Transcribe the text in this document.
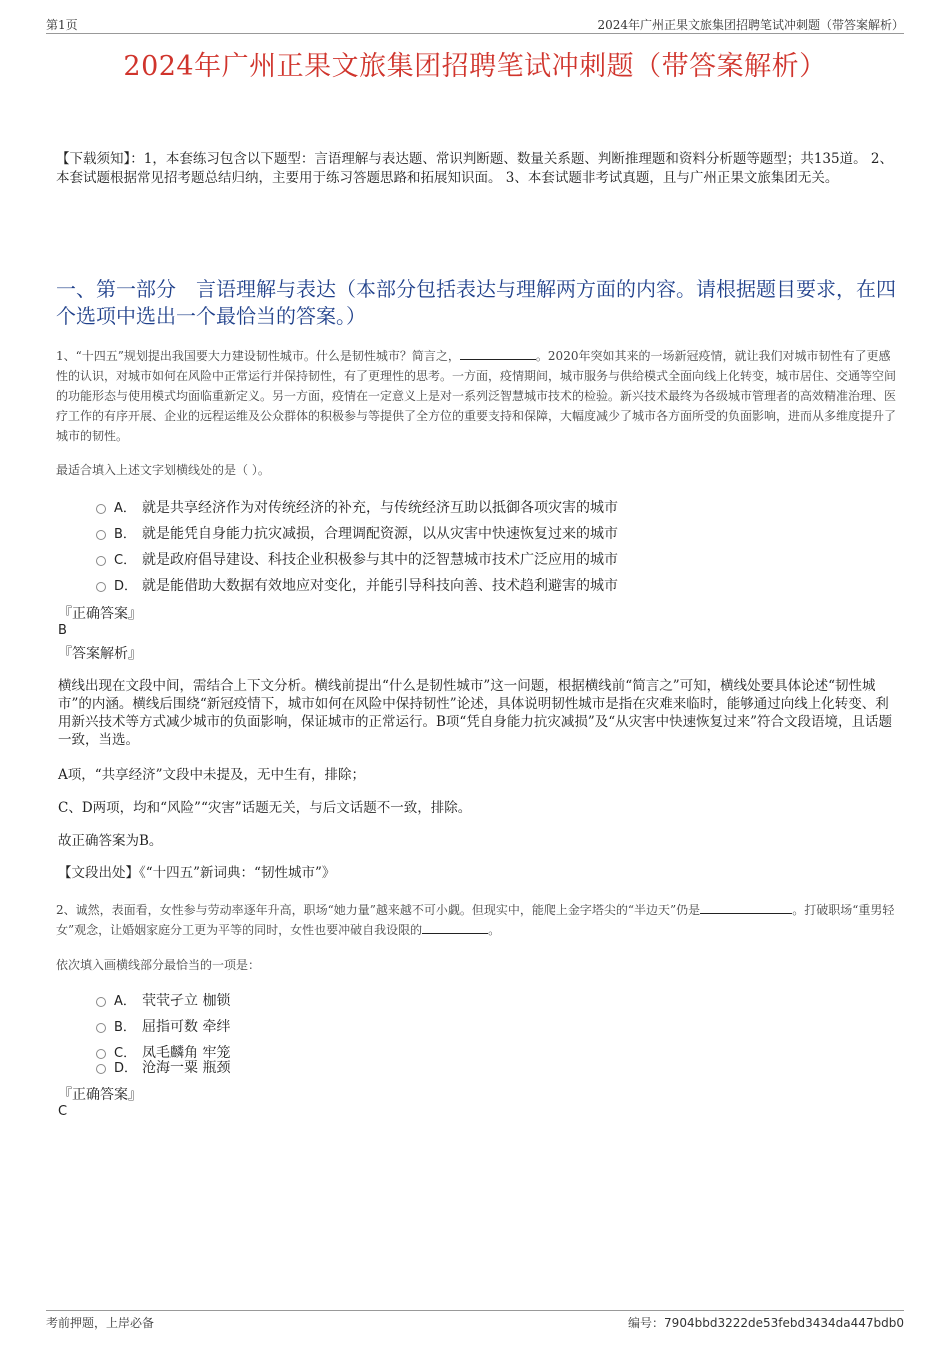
第1页	2024年广州正果文旅集团招聘笔试冲刺题（带答案解析）
2024年广州正果文旅集团招聘笔试冲刺题（带答案解析）
【下载须知】：1，本套练习包含以下题型：言语理解与表达题、常识判断题、数量关系题、判断推理题和资料分析题等题型；共135道。 2、本套试题根据常见招考题总结归纳，主要用于练习答题思路和拓展知识面。 3、本套试题非考试真题，且与广州正果文旅集团无关。
一、第一部分　言语理解与表达（本部分包括表达与理解两方面的内容。请根据题目要求，在四个选项中选出一个最恰当的答案。）
1、“十四五”规划提出我国要大力建设韧性城市。什么是韧性城市？简言之，	。2020年突如其来的一场新冠疫情，就让我们对城市韧性有了更感性的认识，对城市如何在风险中正常运行并保持韧性，有了更理性的思考。一方面，疫情期间，城市服务与供给模式全面向线上化转变，城市居住、交通等空间的功能形态与使用模式均面临重新定义。另一方面，疫情在一定意义上是对一系列泛智慧城市技术的检验。新兴技术最终为各级城市管理者的高效精准治理、医疗工作的有序开展、企业的远程运维及公众群体的积极参与等提供了全方位的重要支持和保障，大幅度减少了城市各方面所受的负面影响，进而从多维度提升了城市的韧性。
最适合填入上述文字划横线处的是（ ）。
A． 就是共享经济作为对传统经济的补充，与传统经济互助以抵御各项灾害的城市
B． 就是能凭自身能力抗灾减损，合理调配资源，以从灾害中快速恢复过来的城市
C． 就是政府倡导建设、科技企业积极参与其中的泛智慧城市技术广泛应用的城市
D． 就是能借助大数据有效地应对变化，并能引导科技向善、技术趋利避害的城市
『正确答案』
B
『答案解析』
横线出现在文段中间，需结合上下文分析。横线前提出“什么是韧性城市”这一问题，根据横线前“简言之”可知，横线处要具体论述“韧性城市”的内涵。横线后围绕“新冠疫情下，城市如何在风险中保持韧性”论述，具体说明韧性城市是指在灾难来临时，能够通过向线上化转变、利用新兴技术等方式减少城市的负面影响，保证城市的正常运行。B项“凭自身能力抗灾减损”及“从灾害中快速恢复过来”符合文段语境，且话题一致，当选。
A项，“共享经济”文段中未提及，无中生有，排除；
C、D两项，均和“风险”“灾害”话题无关，与后文话题不一致，排除。
故正确答案为B。
【文段出处】《“十四五”新词典：“韧性城市”》
2、诚然，表面看，女性参与劳动率逐年升高，职场“她力量”越来越不可小觑。但现实中，能爬上金字塔尖的“半边天”仍是	。打破职场“重男轻女”观念，让婚姻家庭分工更为平等的同时，女性也要冲破自我设限的	。
依次填入画横线部分最恰当的一项是：
A． 茕茕孑立 枷锁
B． 屈指可数 牵绊
C． 凤毛麟角 牢笼
D． 沧海一粟 瓶颈
『正确答案』
C
考前押题，上岸必备	编号：7904bbd3222de53febd3434da447bdb0
